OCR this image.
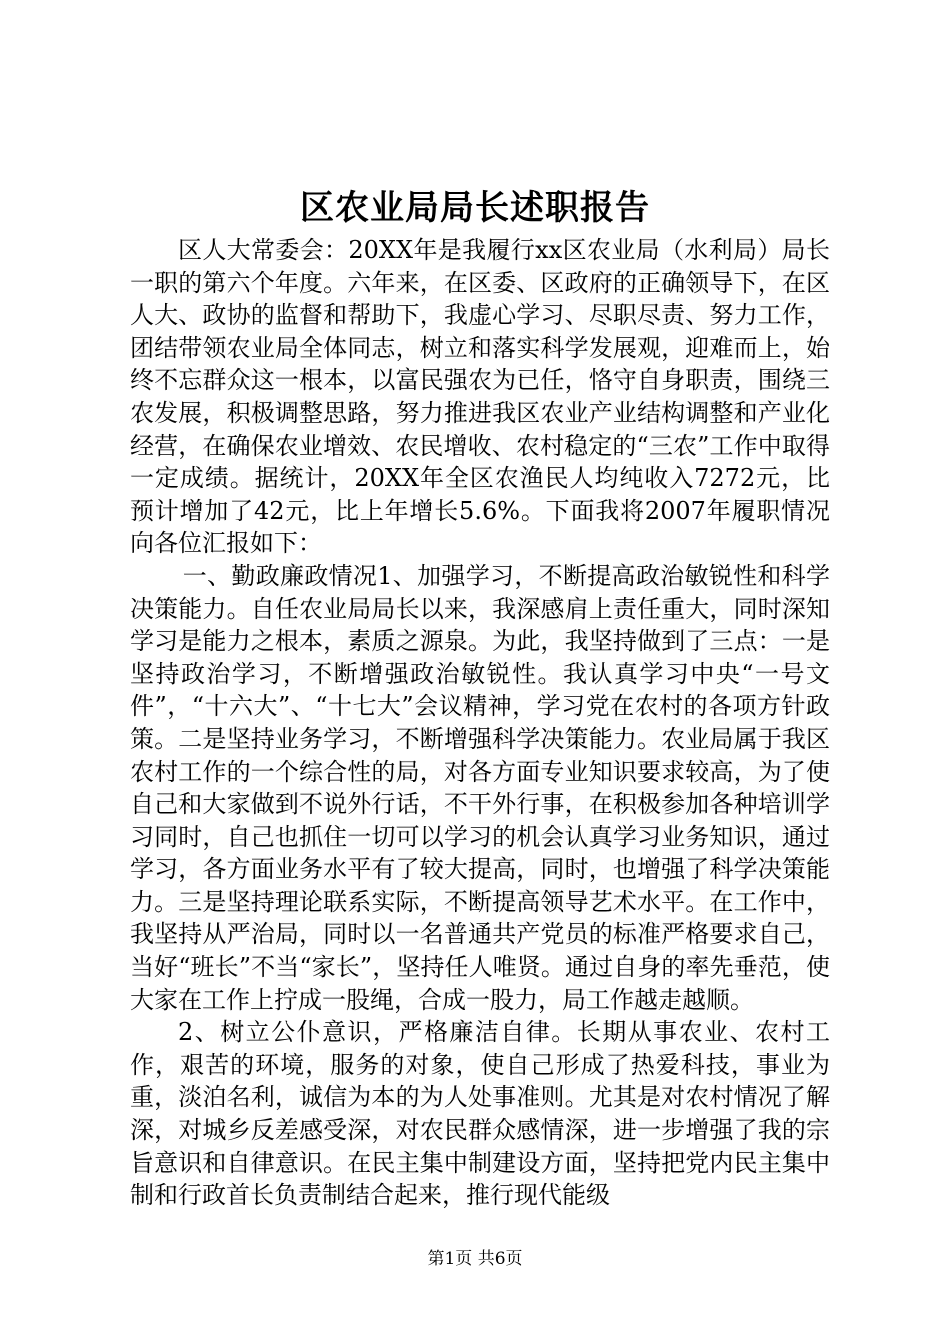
区农业局局长述职报告

区人大常委会：20XX年是我履行xx区农业局（水利局）局长一职的第六个年度。六年来，在区委、区政府的正确领导下，在区人大、政协的监督和帮助下，我虚心学习、尽职尽责、努力工作，团结带领农业局全体同志，树立和落实科学发展观，迎难而上，始终不忘群众这一根本，以富民强农为已任，恪守自身职责，围绕三农发展，积极调整思路，努力推进我区农业产业结构调整和产业化经营，在确保农业增效、农民增收、农村稳定的“三农”工作中取得一定成绩。据统计，20XX年全区农渔民人均纯收入7272元，比预计增加了42元，比上年增长5.6%。下面我将2007年履职情况向各位汇报如下：

一、勤政廉政情况1、加强学习，不断提高政治敏锐性和科学决策能力。自任农业局局长以来，我深感肩上责任重大，同时深知学习是能力之根本，素质之源泉。为此，我坚持做到了三点：一是坚持政治学习，不断增强政治敏锐性。我认真学习中央“一号文件”，“十六大”、“十七大”会议精神，学习党在农村的各项方针政策。二是坚持业务学习，不断增强科学决策能力。农业局属于我区农村工作的一个综合性的局，对各方面专业知识要求较高，为了使自己和大家做到不说外行话，不干外行事，在积极参加各种培训学习同时，自己也抓住一切可以学习的机会认真学习业务知识，通过学习，各方面业务水平有了较大提高，同时，也增强了科学决策能力。三是坚持理论联系实际，不断提高领导艺术水平。在工作中，我坚持从严治局，同时以一名普通共产党员的标准严格要求自己，当好“班长”不当“家长”，坚持任人唯贤。通过自身的率先垂范，使大家在工作上拧成一股绳，合成一股力，局工作越走越顺。

2、树立公仆意识，严格廉洁自律。长期从事农业、农村工作，艰苦的环境，服务的对象，使自己形成了热爱科技，事业为重，淡泊名利，诚信为本的为人处事准则。尤其是对农村情况了解深，对城乡反差感受深，对农民群众感情深，进一步增强了我的宗旨意识和自律意识。在民主集中制建设方面，坚持把党内民主集中制和行政首长负责制结合起来，推行现代能级

第1页 共6页
